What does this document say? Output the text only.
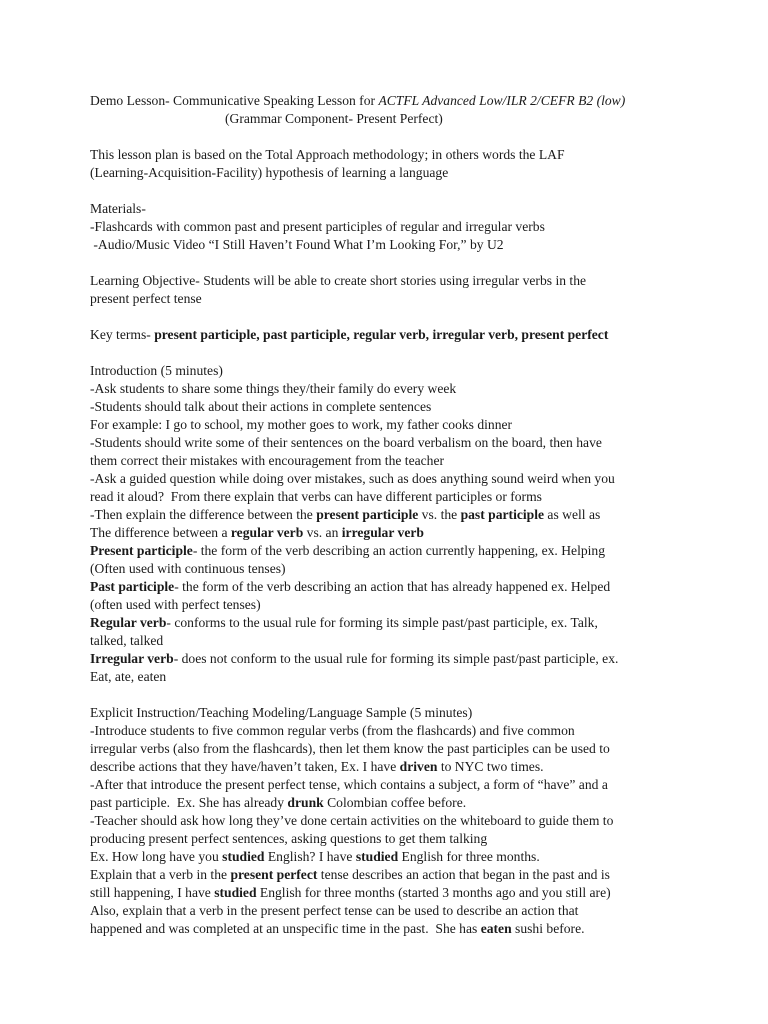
Demo Lesson- Communicative Speaking Lesson for ACTFL Advanced Low/ILR 2/CEFR B2 (low)

(Grammar Component- Present Perfect)

This lesson plan is based on the Total Approach methodology; in others words the LAF

(Learning-Acquisition-Facility) hypothesis of learning a language

Materials-

-Flashcards with common past and present participles of regular and irregular verbs

-Audio/Music Video “I Still Haven’t Found What I’m Looking For,” by U2

Learning Objective- Students will be able to create short stories using irregular verbs in the

present perfect tense

Key terms- present participle, past participle, regular verb, irregular verb, present perfect

Introduction (5 minutes)

-Ask students to share some things they/their family do every week

-Students should talk about their actions in complete sentences

For example: I go to school, my mother goes to work, my father cooks dinner

-Students should write some of their sentences on the board verbalism on the board, then have

them correct their mistakes with encouragement from the teacher

-Ask a guided question while doing over mistakes, such as does anything sound weird when you

read it aloud?  From there explain that verbs can have different participles or forms

-Then explain the difference between the present participle vs. the past participle as well as

The difference between a regular verb vs. an irregular verb

Present participle- the form of the verb describing an action currently happening, ex. Helping

(Often used with continuous tenses)

Past participle- the form of the verb describing an action that has already happened ex. Helped

(often used with perfect tenses)

Regular verb- conforms to the usual rule for forming its simple past/past participle, ex. Talk,

talked, talked

Irregular verb- does not conform to the usual rule for forming its simple past/past participle, ex.

Eat, ate, eaten

Explicit Instruction/Teaching Modeling/Language Sample (5 minutes)

-Introduce students to five common regular verbs (from the flashcards) and five common

irregular verbs (also from the flashcards), then let them know the past participles can be used to

describe actions that they have/haven’t taken, Ex. I have driven to NYC two times.

-After that introduce the present perfect tense, which contains a subject, a form of “have” and a

past participle.  Ex. She has already drunk Colombian coffee before.

-Teacher should ask how long they’ve done certain activities on the whiteboard to guide them to

producing present perfect sentences, asking questions to get them talking

Ex. How long have you studied English? I have studied English for three months.

Explain that a verb in the present perfect tense describes an action that began in the past and is

still happening, I have studied English for three months (started 3 months ago and you still are)

Also, explain that a verb in the present perfect tense can be used to describe an action that

happened and was completed at an unspecific time in the past.  She has eaten sushi before.
